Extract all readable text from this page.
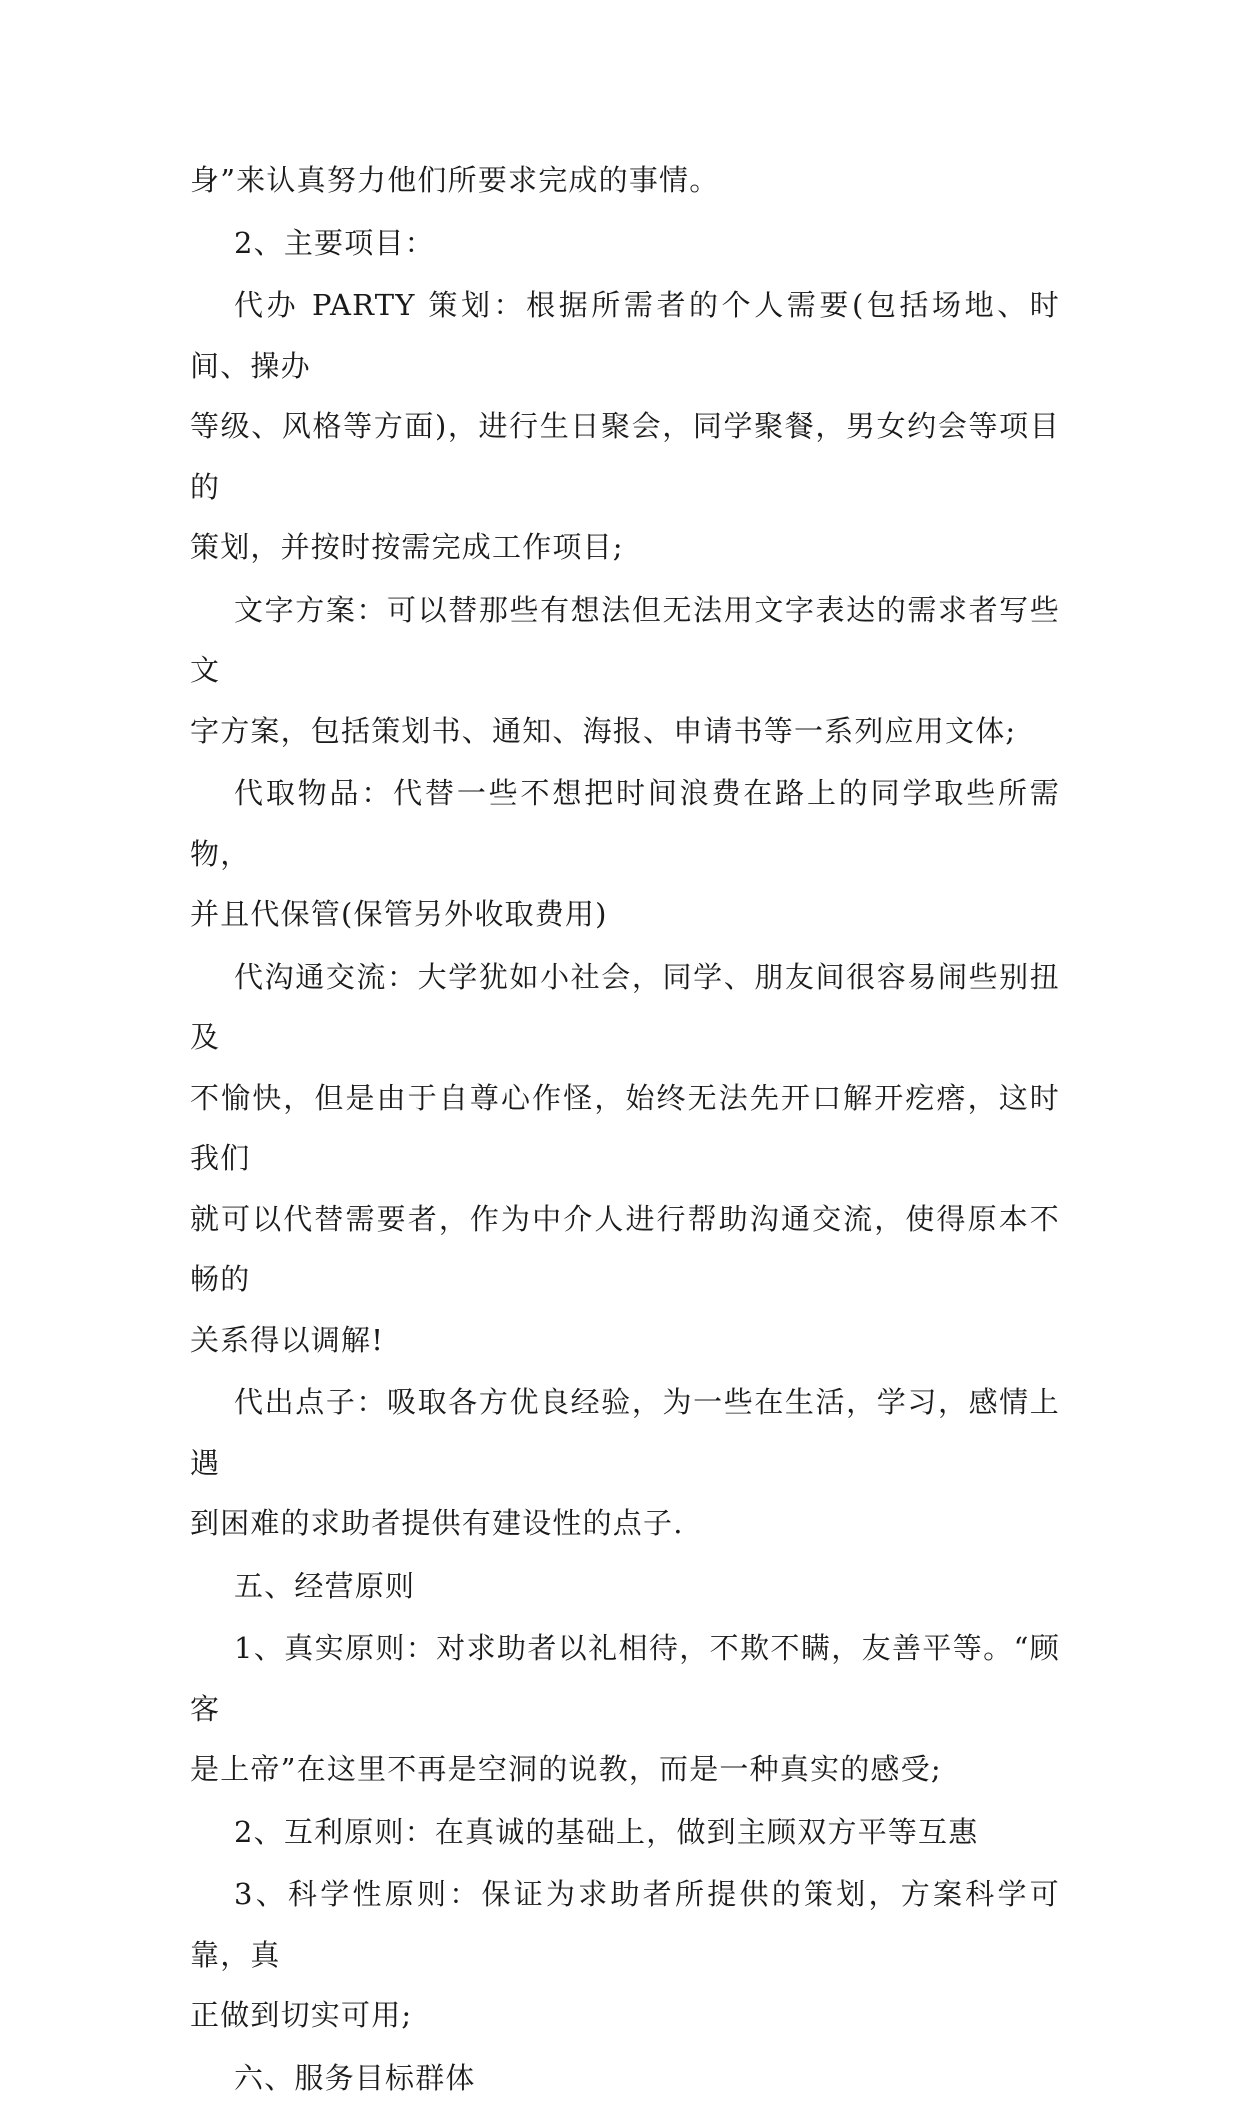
身”来认真努力他们所要求完成的事情。

2、主要项目：

代办 PARTY 策划：根据所需者的个人需要(包括场地、时间、操办
等级、风格等方面)，进行生日聚会，同学聚餐，男女约会等项目的
策划，并按时按需完成工作项目;

文字方案：可以替那些有想法但无法用文字表达的需求者写些文
字方案，包括策划书、通知、海报、申请书等一系列应用文体;

代取物品：代替一些不想把时间浪费在路上的同学取些所需物，
并且代保管(保管另外收取费用)

代沟通交流：大学犹如小社会，同学、朋友间很容易闹些别扭及
不愉快，但是由于自尊心作怪，始终无法先开口解开疙瘩，这时我们
就可以代替需要者，作为中介人进行帮助沟通交流，使得原本不畅的
关系得以调解!

代出点子：吸取各方优良经验，为一些在生活，学习，感情上遇
到困难的求助者提供有建设性的点子.

五、经营原则

1、真实原则：对求助者以礼相待，不欺不瞒，友善平等。“顾客
是上帝”在这里不再是空洞的说教，而是一种真实的感受;

2、互利原则：在真诚的基础上，做到主顾双方平等互惠

3、科学性原则：保证为求助者所提供的策划，方案科学可靠，真
正做到切实可用;

六、服务目标群体
